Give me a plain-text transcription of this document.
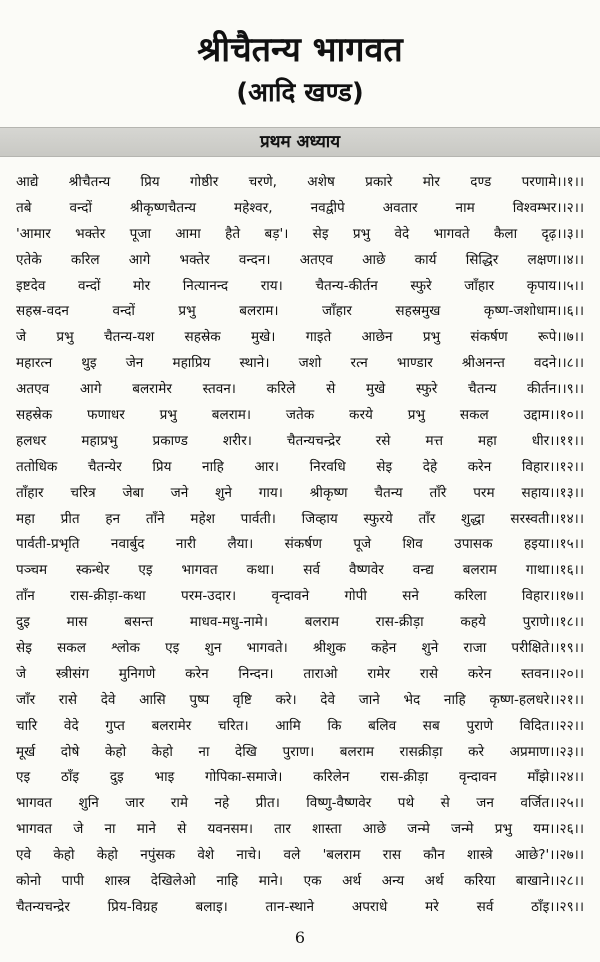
श्रीचैतन्य भागवत
(आदि खण्ड)
प्रथम अध्याय
आद्ये श्रीचैतन्य प्रिय गोष्ठीर चरणे, अशेष प्रकारे मोर दण्ड परणामे।।१।।
तबे वन्दों श्रीकृष्णचैतन्य महेश्वर, नवद्वीपे अवतार नाम विश्वम्भर।।२।।
'आमार भक्तेर पूजा आमा हैते बड़'। सेइ प्रभु वेदे भागवते कैला दृढ़।।३।।
एतेके करिल आगे भक्तेर वन्दन। अतएव आछे कार्य सिद्धिर लक्षण।।४।।
इष्टदेव वन्दों मोर नित्यानन्द राय। चैतन्य-कीर्तन स्फुरे जाँहार कृपाय।।५।।
सहस्र-वदन वन्दों प्रभु बलराम। जाँहार सहस्रमुख कृष्ण-जशोधाम।।६।।
जे प्रभु चैतन्य-यश सहस्रेक मुखे। गाइते आछेन प्रभु संकर्षण रूपे।।७।।
महारत्न थुइ जेन महाप्रिय स्थाने। जशो रत्न भाण्डार श्रीअनन्त वदने।।८।।
अतएव आगे बलरामेर स्तवन। करिले से मुखे स्फुरे चैतन्य कीर्तन।।९।।
सहस्रेक फणाधर प्रभु बलराम। जतेक करये प्रभु सकल उद्दाम।।१०।।
हलधर महाप्रभु प्रकाण्ड शरीर। चैतन्यचन्द्रेर रसे मत्त महा धीर।।११।।
ततोधिक चैतन्येर प्रिय नाहि आर। निरवधि सेइ देहे करेन विहार।।१२।।
ताँहार चरित्र जेबा जने शुने गाय। श्रीकृष्ण चैतन्य ताँरे परम सहाय।।१३।।
महा प्रीत हन ताँने महेश पार्वती। जिव्हाय स्फुरये ताँर शुद्धा सरस्वती।।१४।।
पार्वती-प्रभृति नवार्बुद नारी लैया। संकर्षण पूजे शिव उपासक हइया।।१५।।
पञ्चम स्कन्धेर एइ भागवत कथा। सर्व वैष्णवेर वन्द्य बलराम गाथा।।१६।।
ताँन रास-क्रीड़ा-कथा परम-उदार। वृन्दावने गोपी सने करिला विहार।।१७।।
दुइ मास बसन्त माधव-मधु-नामे। बलराम रास-क्रीड़ा कहये पुराणे।।१८।।
सेइ सकल श्लोक एइ शुन भागवते। श्रीशुक कहेन शुने राजा परीक्षिते।।१९।।
जे स्त्रीसंग मुनिगणे करेन निन्दन। ताराओ रामेर रासे करेन स्तवन।।२०।।
जाँर रासे देवे आसि पुष्प वृष्टि करे। देवे जाने भेद नाहि कृष्ण-हलधरे।।२१।।
चारि वेदे गुप्त बलरामेर चरित। आमि कि बलिव सब पुराणे विदित।।२२।।
मूर्ख दोषे केहो केहो ना देखि पुराण। बलराम रासक्रीड़ा करे अप्रमाण।।२३।।
एइ ठाँइ दुइ भाइ गोपिका-समाजे। करिलेन रास-क्रीड़ा वृन्दावन माँझे।।२४।।
भागवत शुनि जार रामे नहे प्रीत। विष्णु-वैष्णवेर पथे से जन वर्जित।।२५।।
भागवत जे ना माने से यवनसम। तार शास्ता आछे जन्मे जन्मे प्रभु यम।।२६।।
एवे केहो केहो नपुंसक वेशे नाचे। वले 'बलराम रास कौन शास्त्रे आछे?'।।२७।।
कोनो पापी शास्त्र देखिलेओ नाहि माने। एक अर्थ अन्य अर्थ करिया बाखाने।।२८।।
चैतन्यचन्द्रेर प्रिय-विग्रह बलाइ। तान-स्थाने अपराधे मरे सर्व ठाँइ।।२९।।
6
